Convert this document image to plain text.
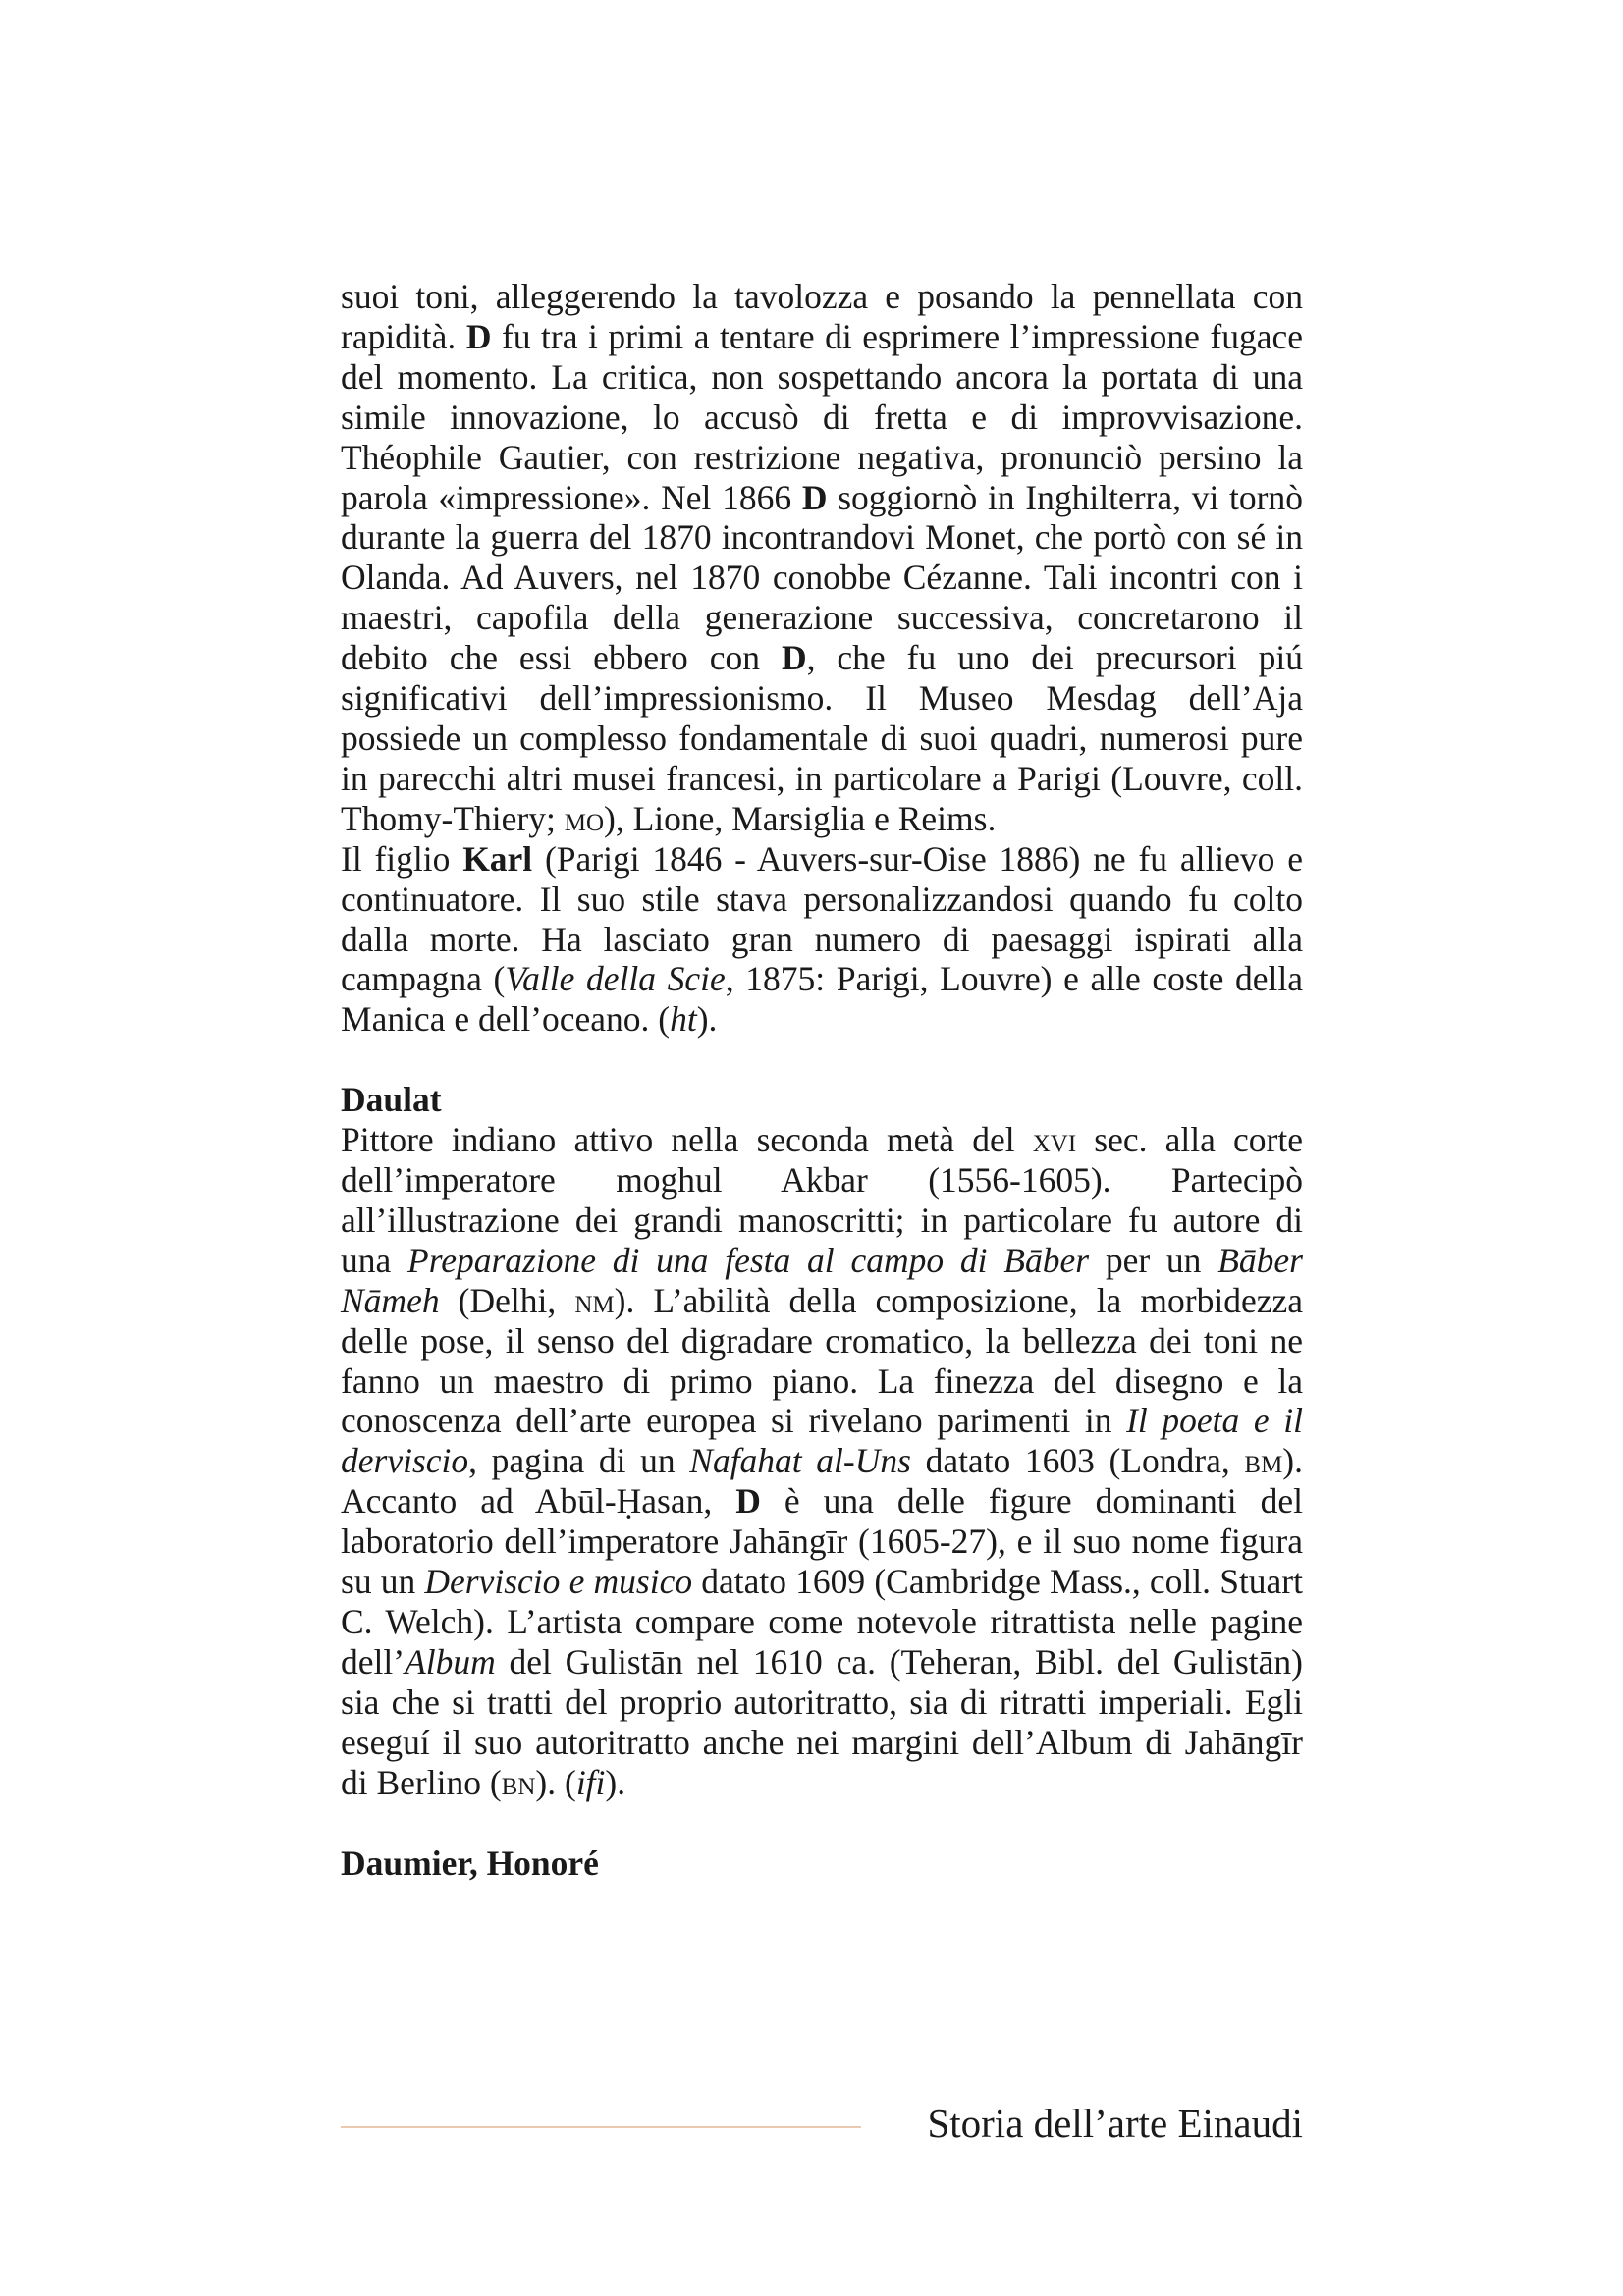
suoi toni, alleggerendo la tavolozza e posando la pennellata con rapidità. D fu tra i primi a tentare di esprimere l’impressione fugace del momento. La critica, non sospettando ancora la portata di una simile innovazione, lo accusò di fretta e di improvvisazione. Théophile Gautier, con restrizione negativa, pronunciò persino la parola «impressione». Nel 1866 D soggiornò in Inghilterra, vi tornò durante la guerra del 1870 incontrandovi Monet, che portò con sé in Olanda. Ad Auvers, nel 1870 conobbe Cézanne. Tali incontri con i maestri, capofila della generazione successiva, concretarono il debito che essi ebbero con D, che fu uno dei precursori piú significativi dell’impressionismo. Il Museo Mesdag dell’Aja possiede un complesso fondamentale di suoi quadri, numerosi pure in parecchi altri musei francesi, in particolare a Parigi (Louvre, coll. Thomy-Thiery; mo), Lione, Marsiglia e Reims.

Il figlio Karl (Parigi 1846 - Auvers-sur-Oise 1886) ne fu allievo e continuatore. Il suo stile stava personalizzandosi quando fu colto dalla morte. Ha lasciato gran numero di paesaggi ispirati alla campagna (Valle della Scie, 1875: Parigi, Louvre) e alle coste della Manica e dell’oceano. (ht).

Daulat

Pittore indiano attivo nella seconda metà del xvi sec. alla corte dell’imperatore moghul Akbar (1556-1605). Partecipò all’illustrazione dei grandi manoscritti; in particolare fu autore di una Preparazione di una festa al campo di Bāber per un Bāber Nāmeh (Delhi, nm). L’abilità della composizione, la morbidezza delle pose, il senso del digradare cromatico, la bellezza dei toni ne fanno un maestro di primo piano. La finezza del disegno e la conoscenza dell’arte europea si rivelano parimenti in Il poeta e il derviscio, pagina di un Nafahat al-Uns datato 1603 (Londra, bm). Accanto ad Abūl-Ḥasan, D è una delle figure dominanti del laboratorio dell’imperatore Jahāngīr (1605-27), e il suo nome figura su un Derviscio e musico datato 1609 (Cambridge Mass., coll. Stuart C. Welch). L’artista compare come notevole ritrattista nelle pagine dell’Album del Gulistān nel 1610 ca. (Teheran, Bibl. del Gulistān) sia che si tratti del proprio autoritratto, sia di ritratti imperiali. Egli eseguí il suo autoritratto anche nei margini dell’Album di Jahāngīr di Berlino (bn). (ifi).

Daumier, Honoré
Storia dell’arte Einaudi
